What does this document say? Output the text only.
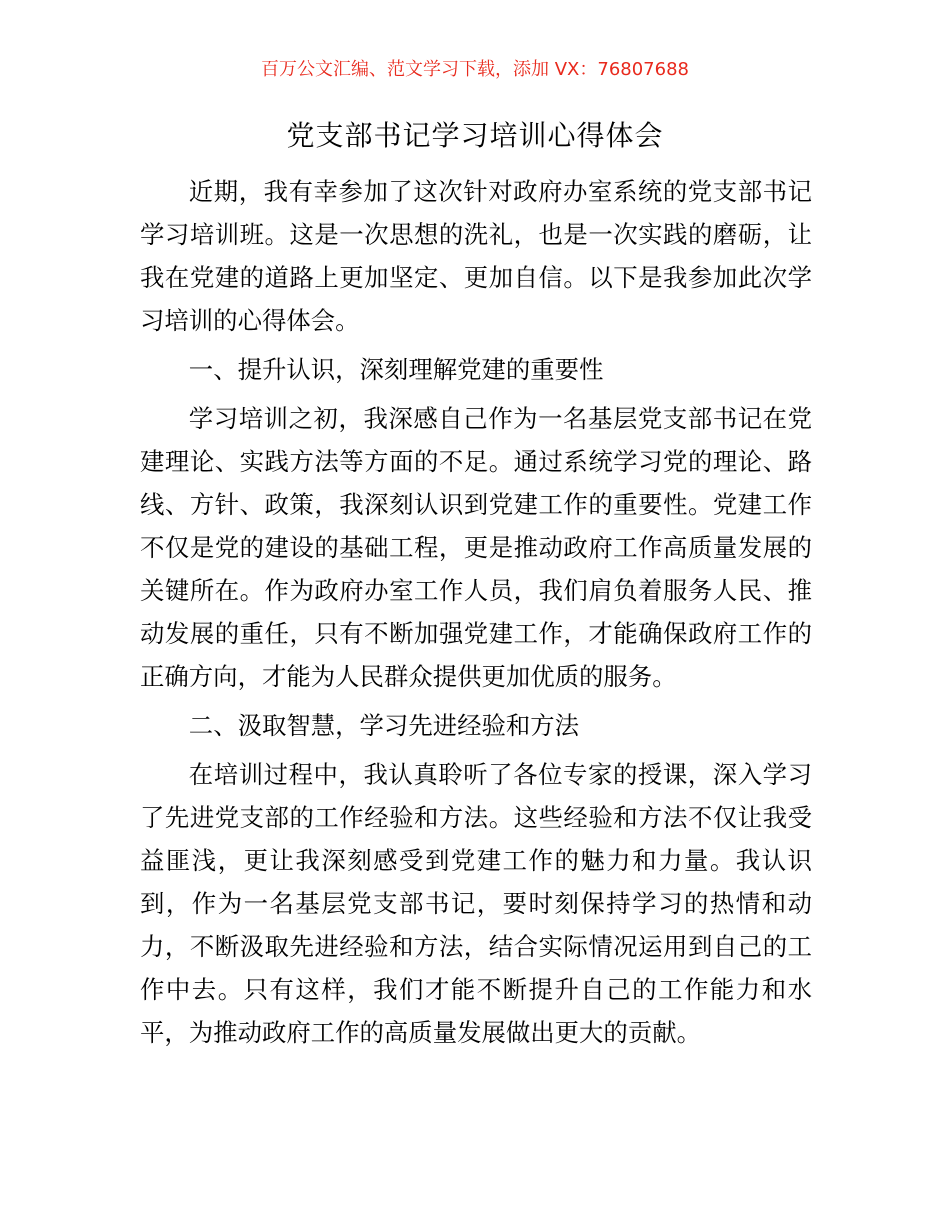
百万公文汇编、范文学习下载，添加 VX：76807688
党支部书记学习培训心得体会

近期，我有幸参加了这次针对政府办室系统的党支部书记学习培训班。这是一次思想的洗礼，也是一次实践的磨砺，让我在党建的道路上更加坚定、更加自信。以下是我参加此次学习培训的心得体会。

一、提升认识，深刻理解党建的重要性

学习培训之初，我深感自己作为一名基层党支部书记在党建理论、实践方法等方面的不足。通过系统学习党的理论、路线、方针、政策，我深刻认识到党建工作的重要性。党建工作不仅是党的建设的基础工程，更是推动政府工作高质量发展的关键所在。作为政府办室工作人员，我们肩负着服务人民、推动发展的重任，只有不断加强党建工作，才能确保政府工作的正确方向，才能为人民群众提供更加优质的服务。

二、汲取智慧，学习先进经验和方法

在培训过程中，我认真聆听了各位专家的授课，深入学习了先进党支部的工作经验和方法。这些经验和方法不仅让我受益匪浅，更让我深刻感受到党建工作的魅力和力量。我认识到，作为一名基层党支部书记，要时刻保持学习的热情和动力，不断汲取先进经验和方法，结合实际情况运用到自己的工作中去。只有这样，我们才能不断提升自己的工作能力和水平，为推动政府工作的高质量发展做出更大的贡献。
